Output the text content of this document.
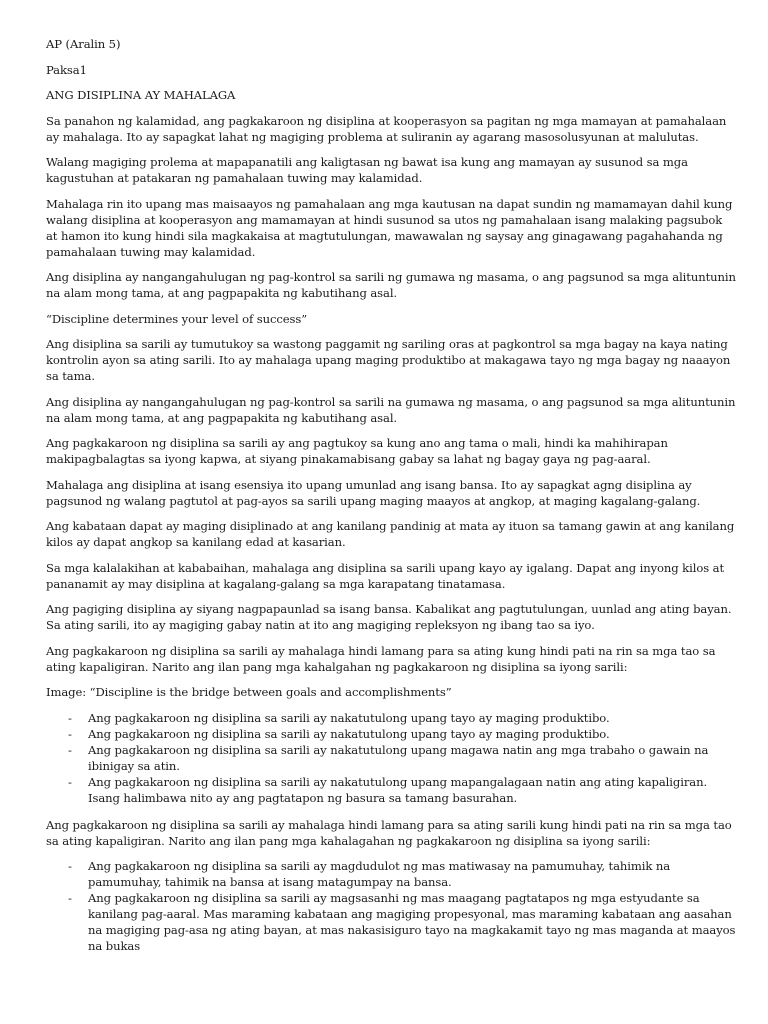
AP (Aralin 5)

Paksa1

ANG DISIPLINA AY MAHALAGA

Sa panahon ng kalamidad, ang pagkakaroon ng disiplina at kooperasyon sa pagitan ng mga mamayan at pamahalaan ay mahalaga. Ito ay sapagkat lahat ng magiging problema at suliranin ay agarang masosolusyunan at malulutas.

Walang magiging prolema at mapapanatili ang kaligtasan ng bawat isa kung ang mamayan ay susunod sa mga kagustuhan at patakaran ng pamahalaan tuwing may kalamidad.

Mahalaga rin ito upang mas maisaayos ng pamahalaan ang mga kautusan na dapat sundin ng mamamayan dahil kung walang disiplina at kooperasyon ang mamamayan at hindi susunod sa utos ng pamahalaan isang malaking pagsubok at hamon ito kung hindi sila magkakaisa at magtutulungan, mawawalan ng saysay ang ginagawang pagahahanda ng pamahalaan tuwing may kalamidad.

Ang disiplina ay nangangahulugan ng pag-kontrol sa sarili ng gumawa ng masama, o ang pagsunod sa mga alituntunin na alam mong tama, at ang pagpapakita ng kabutihang asal.

“Discipline determines your level of success”

Ang disiplina sa sarili ay tumutukoy sa wastong paggamit ng sariling oras at pagkontrol sa mga bagay na kaya nating kontrolin ayon sa ating sarili. Ito ay mahalaga upang maging produktibo at makagawa tayo ng mga bagay ng naaayon sa tama.

Ang disiplina ay nangangahulugan ng pag-kontrol sa sarili na gumawa ng masama, o ang pagsunod sa mga alituntunin na alam mong tama, at ang pagpapakita ng kabutihang asal.

Ang pagkakaroon ng disiplina sa sarili ay ang pagtukoy sa kung ano ang tama o mali, hindi ka mahihirapan makipagbalagtas sa iyong kapwa, at siyang pinakamabisang gabay sa lahat ng bagay gaya ng pag-aaral.

Mahalaga ang disiplina at isang esensiya ito upang umunlad ang isang bansa. Ito ay sapagkat agng disiplina ay pagsunod ng walang pagtutol at pag-ayos sa sarili upang maging maayos at angkop, at maging kagalang-galang.

Ang kabataan dapat ay maging disiplinado at ang kanilang pandinig at mata ay ituon sa tamang gawin at ang kanilang kilos ay dapat angkop sa kanilang edad at kasarian.

Sa mga kalalakihan at kababaihan, mahalaga ang disiplina sa sarili upang kayo ay igalang. Dapat ang inyong kilos at pananamit ay may disiplina at kagalang-galang sa mga karapatang tinatamasa.

Ang pagiging disiplina ay siyang nagpapaunlad sa isang bansa. Kabalikat ang pagtutulungan, uunlad ang ating bayan. Sa ating sarili, ito ay magiging gabay natin at ito ang magiging repleksyon ng ibang tao sa iyo.

Ang pagkakaroon ng disiplina sa sarili ay mahalaga hindi lamang para sa ating kung hindi pati na rin sa mga tao sa ating kapaligiran. Narito ang ilan pang mga kahalgahan ng pagkakaroon ng disiplina sa iyong sarili:

Image: “Discipline is the bridge between goals and accomplishments”

- Ang pagkakaroon ng disiplina sa sarili ay nakatutulong upang tayo ay maging produktibo.
- Ang pagkakaroon ng disiplina sa sarili ay nakatutulong upang tayo ay maging produktibo.
- Ang pagkakaroon ng disiplina sa sarili ay nakatutulong upang magawa natin ang mga trabaho o gawain na ibinigay sa atin.
- Ang pagkakaroon ng disiplina sa sarili ay nakatutulong upang mapangalagaan natin ang ating kapaligiran. Isang halimbawa nito ay ang pagtatapon ng basura sa tamang basurahan.

Ang pagkakaroon ng disiplina sa sarili ay mahalaga hindi lamang para sa ating sarili kung hindi pati na rin sa mga tao sa ating kapaligiran. Narito ang ilan pang mga kahalagahan ng pagkakaroon ng disiplina sa iyong sarili:

- Ang pagkakaroon ng disiplina sa sarili ay magdudulot ng mas matiwasay na pamumuhay, tahimik na pamumuhay, tahimik na bansa at isang matagumpay na bansa.
- Ang pagkakaroon ng disiplina sa sarili ay magsasanhi ng mas maagang pagtatapos ng mga estyudante sa kanilang pag-aaral. Mas maraming kabataan ang magiging propesyonal, mas maraming kabataan ang aasahan na magiging pag-asa ng ating bayan, at mas nakasisiguro tayo na magkakamit tayo ng mas maganda at maayos na bukas
